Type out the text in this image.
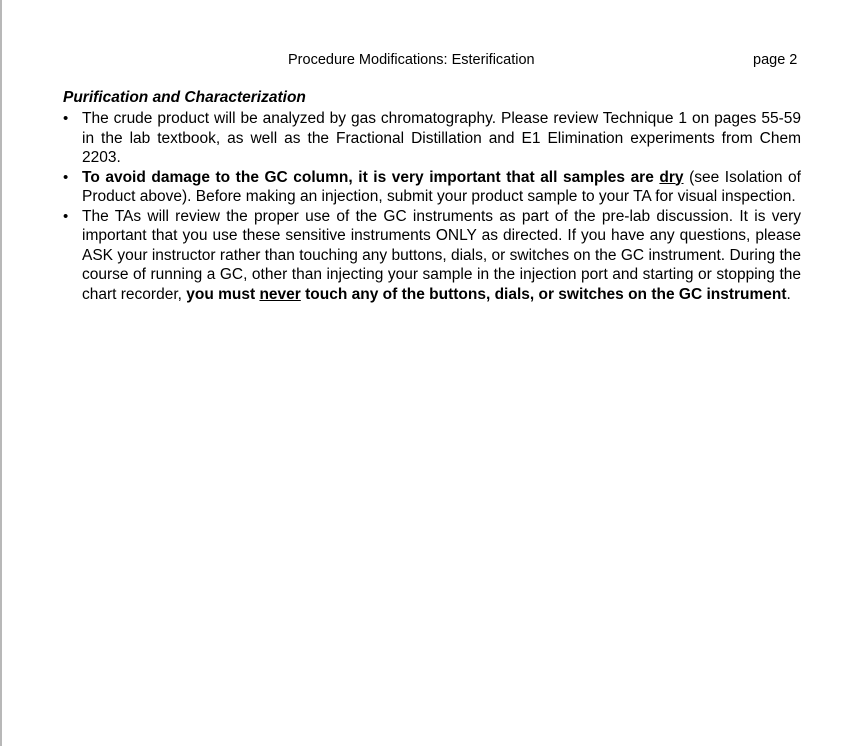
Procedure Modifications: Esterification	page 2
Purification and Characterization
• The crude product will be analyzed by gas chromatography. Please review Technique 1 on pages 55-59 in the lab textbook, as well as the Fractional Distillation and E1 Elimination experiments from Chem 2203.
• To avoid damage to the GC column, it is very important that all samples are dry (see Isolation of Product above). Before making an injection, submit your product sample to your TA for visual inspection.
• The TAs will review the proper use of the GC instruments as part of the pre-lab discussion. It is very important that you use these sensitive instruments ONLY as directed. If you have any questions, please ASK your instructor rather than touching any buttons, dials, or switches on the GC instrument. During the course of running a GC, other than injecting your sample in the injection port and starting or stopping the chart recorder, you must never touch any of the buttons, dials, or switches on the GC instrument.
